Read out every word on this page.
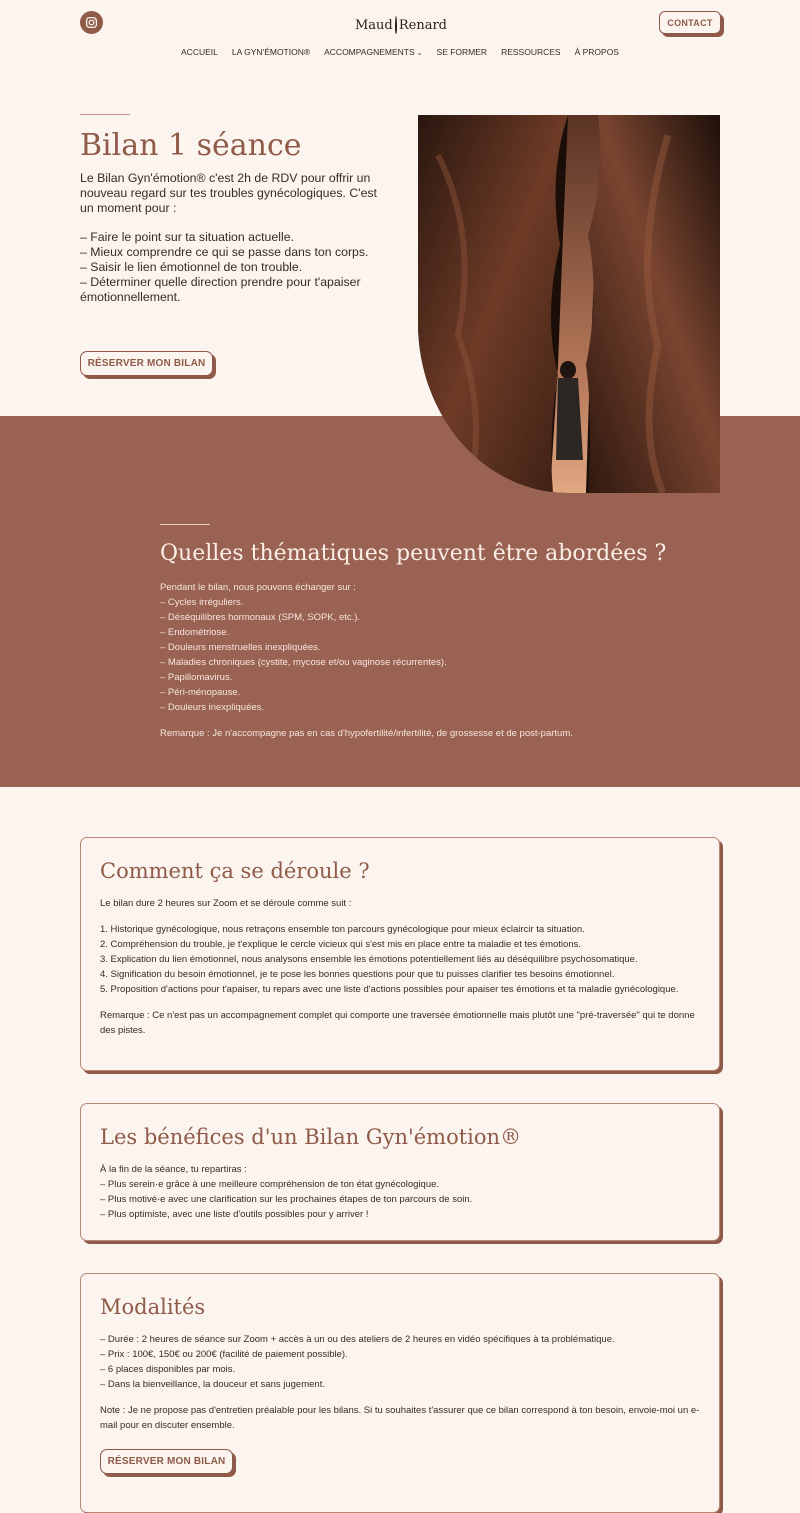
Maud Renard	CONTACT
ACCUEIL LA GYN'ÉMOTION® ACCOMPAGNEMENTS ⌄ SE FORMER RESSOURCES À PROPOS
Bilan 1 séance

Le Bilan Gyn'émotion® c'est 2h de RDV pour offrir un nouveau regard sur tes troubles gynécologiques. C'est un moment pour :

– Faire le point sur ta situation actuelle.

– Mieux comprendre ce qui se passe dans ton corps.

– Saisir le lien émotionnel de ton trouble.

– Déterminer quelle direction prendre pour t'apaiser émotionnellement.

RÉSERVER MON BILAN
Quelles thématiques peuvent être abordées ?
Pendant le bilan, nous pouvons échanger sur :
– Cycles irréguliers.
– Déséquilibres hormonaux (SPM, SOPK, etc.).
– Endométriose.
– Douleurs menstruelles inexpliquées.
– Maladies chroniques (cystite, mycose et/ou vaginose récurrentes).
– Papillomavirus.
– Péri-ménopause.
– Douleurs inexpliquées.
Remarque : Je n'accompagne pas en cas d'hypofertilité/infertilité, de grossesse et de post-partum.
Comment ça se déroule ?
Le bilan dure 2 heures sur Zoom et se déroule comme suit :
1. Historique gynécologique, nous retraçons ensemble ton parcours gynécologique pour mieux éclaircir ta situation.
2. Compréhension du trouble, je t'explique le cercle vicieux qui s'est mis en place entre ta maladie et tes émotions.
3. Explication du lien émotionnel, nous analysons ensemble les émotions potentiellement liés au déséquilibre psychosomatique.
4. Signification du besoin émotionnel, je te pose les bonnes questions pour que tu puisses clarifier tes besoins émotionnel.
5. Proposition d'actions pour t'apaiser, tu repars avec une liste d'actions possibles pour apaiser tes émotions et ta maladie gynécologique.
Remarque : Ce n'est pas un accompagnement complet qui comporte une traversée émotionnelle mais plutôt une "pré-traversée" qui te donne des pistes.
Les bénéfices d'un Bilan Gyn'émotion®
À la fin de la séance, tu repartiras :
– Plus serein·e grâce à une meilleure compréhension de ton état gynécologique.
– Plus motivé·e avec une clarification sur les prochaines étapes de ton parcours de soin.
– Plus optimiste, avec une liste d'outils possibles pour y arriver !
Modalités
– Durée : 2 heures de séance sur Zoom + accès à un ou des ateliers de 2 heures en vidéo spécifiques à ta problématique.
– Prix : 100€, 150€ ou 200€ (facilité de paiement possible).
– 6 places disponibles par mois.
– Dans la bienveillance, la douceur et sans jugement.
Note : Je ne propose pas d'entretien préalable pour les bilans. Si tu souhaites t'assurer que ce bilan correspond à ton besoin, envoie-moi un e-mail pour en discuter ensemble.
RÉSERVER MON BILAN
